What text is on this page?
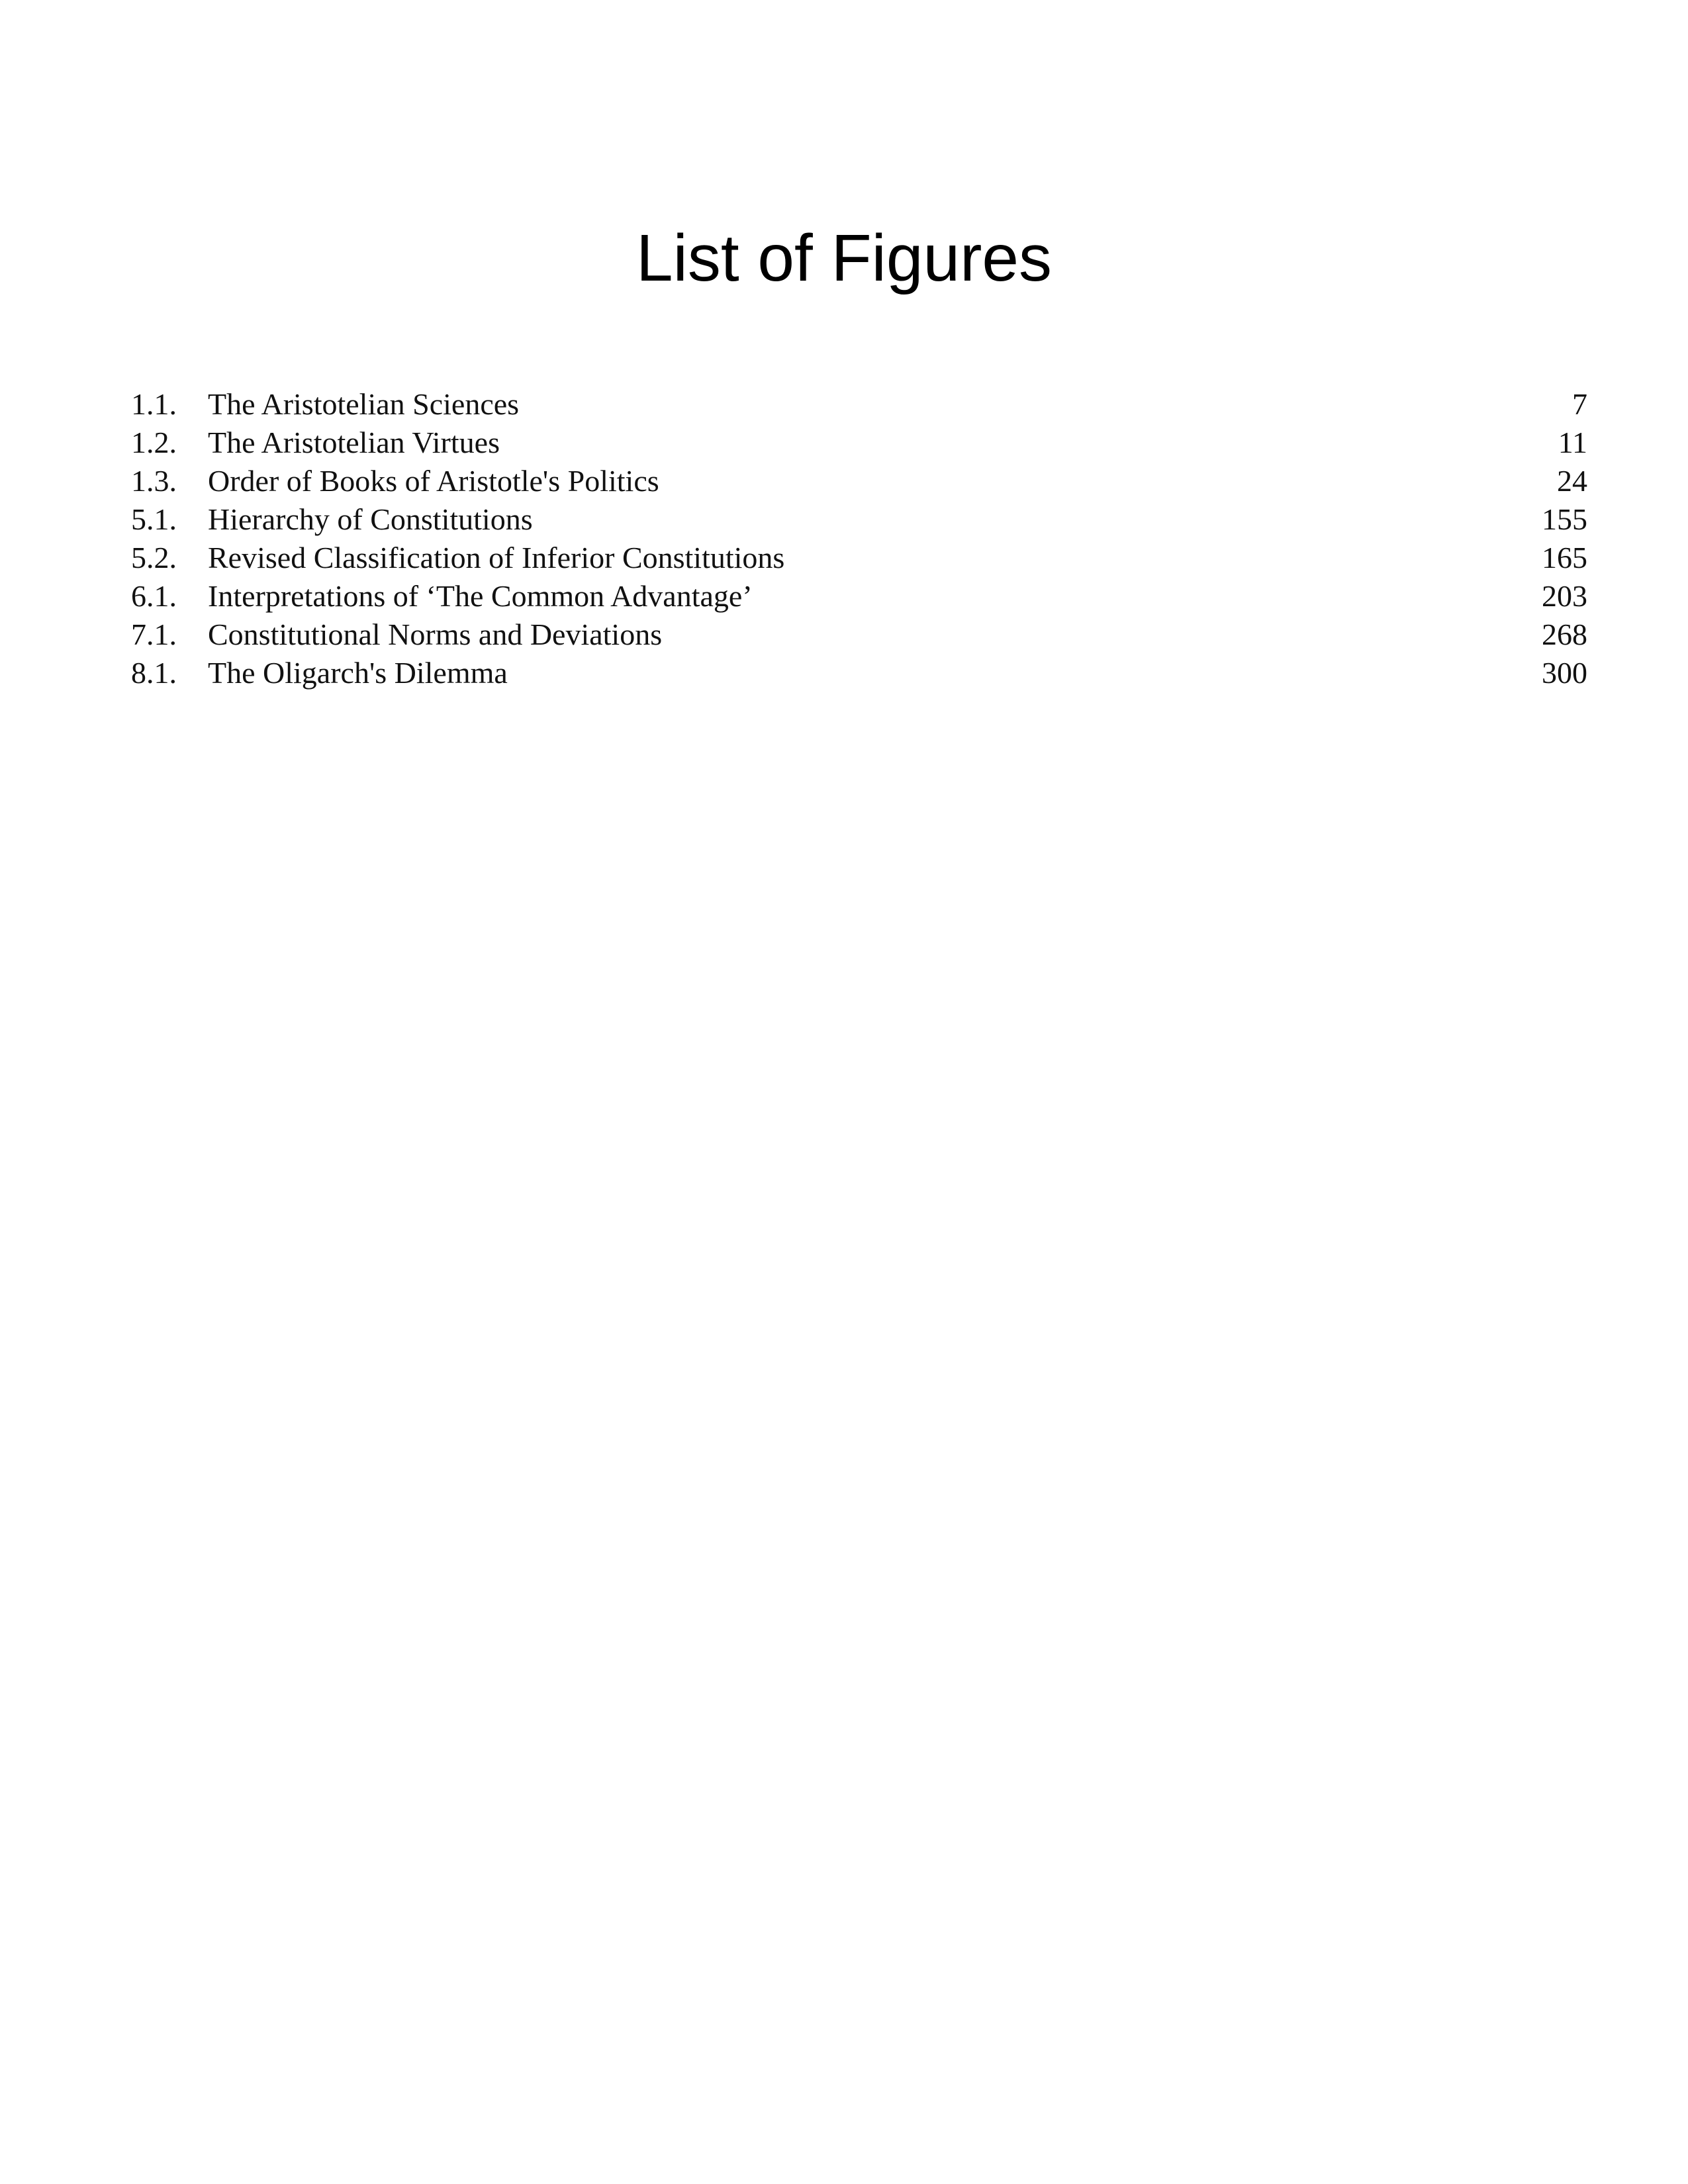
List of Figures
1.1.	The Aristotelian Sciences	7
1.2.	The Aristotelian Virtues	11
1.3.	Order of Books of Aristotle's Politics	24
5.1.	Hierarchy of Constitutions	155
5.2.	Revised Classification of Inferior Constitutions	165
6.1.	Interpretations of ‘The Common Advantage’	203
7.1.	Constitutional Norms and Deviations	268
8.1.	The Oligarch's Dilemma	300
